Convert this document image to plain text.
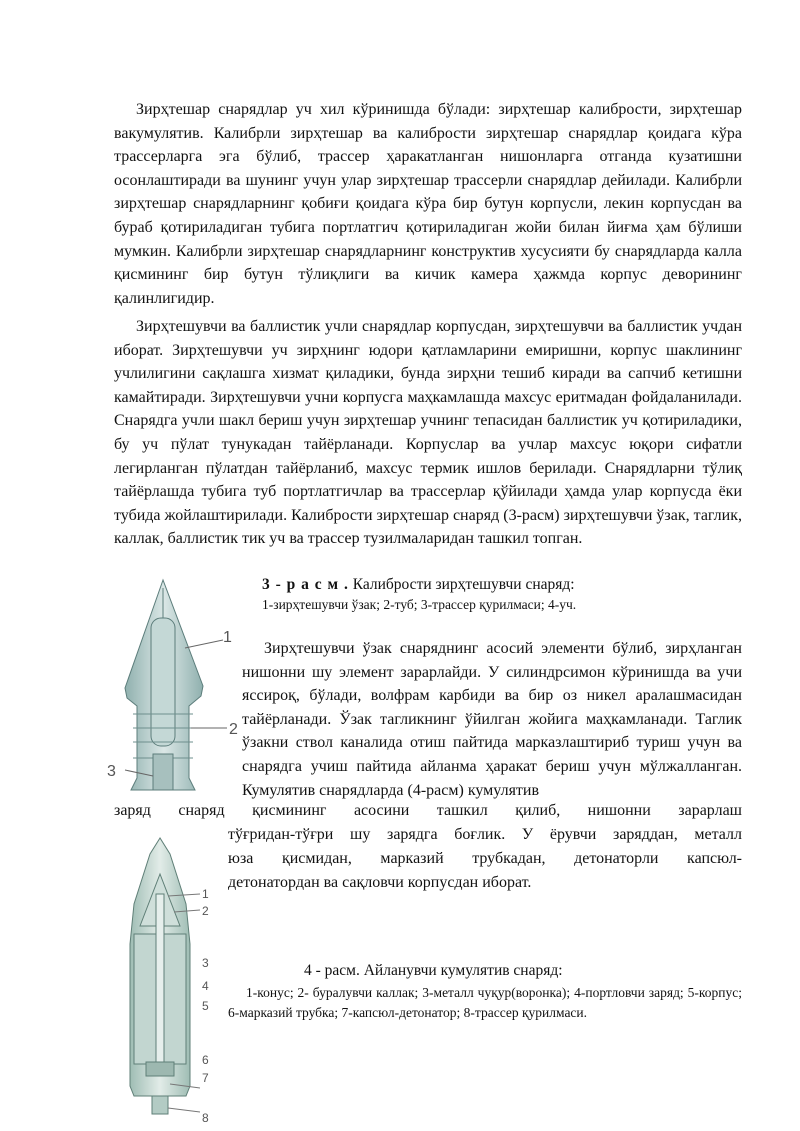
Зирҳтешар снарядлар уч хил кўринишда бўлади: зирҳтешар калибрости, зирҳтешар вакумулятив. Калибрли зирҳтешар ва калибрости зирҳтешар снарядлар қоидага кўра трассерларга эга бўлиб, трассер ҳаракатланган нишонларга отганда кузатишни осонлаштиради ва шунинг учун улар зирҳтешар трассерли снарядлар дейилади. Калибрли зирҳтешар снарядларнинг қобиғи қоидага кўра бир бутун корпусли, лекин корпусдан ва бураб қотириладиган тубига портлатгич қотириладиган жойи билан йиғма ҳам бўлиши мумкин. Калибрли зирҳтешар снарядларнинг конструктив хусусияти бу снарядларда калла қисмининг бир бутун тўлиқлиги ва кичик камера ҳажмда корпус деворининг қалинлигидир.

Зирҳтешувчи ва баллистик учли снарядлар корпусдан, зирҳтешувчи ва баллистик учдан иборат. Зирҳтешувчи уч зирҳнинг юдори қатламларини емиришни, корпус шаклининг учлилигини сақлашга хизмат қиладики, бунда зирҳни тешиб киради ва сапчиб кетишни камайтиради. Зирҳтешувчи учни корпусга маҳкамлашда махсус еритмадан фойдаланилади. Снарядга учли шакл бериш учун зирҳтешар учнинг тепасидан баллистик уч қотириладики, бу уч пўлат тунукадан тайёрланади. Корпуслар ва учлар махсус юқори сифатли легирланган пўлатдан тайёрланиб, махсус термик ишлов берилади. Снарядларни тўлиқ тайёрлашда тубига туб портлатгичлар ва трассерлар қўйилади ҳамда улар корпусда ёки тубида жойлаштирилади. Калибрости зирҳтешар снаряд (3-расм) зирҳтешувчи ўзак, таглик, каллак, баллистик тик уч ва трассер тузилмаларидан ташкил топган.

3 - р а с м . Калибрости зирҳтешувчи снаряд:

1-зирҳтешувчи ўзак; 2-туб; 3-трассер қурилмаси; 4-уч.

1
2
3

Зирҳтешувчи ўзак снаряднинг асосий элементи бўлиб, зирҳланган нишонни шу элемент зарарлайди. У силиндрсимон кўринишда ва учи яссироқ, бўлади, волфрам карбиди ва бир оз никел аралашмасидан тайёрланади. Ўзак тагликнинг ўйилган жойига маҳкамланади. Таглик ўзакни ствол каналида отиш пайтида марказлаштириб туриш учун ва снарядга учиш пайтида айланма ҳаракат бериш учун мўлжалланган. Кумулятив снарядларда (4-расм) кумулятив

заряд снаряд қисмининг асосини ташкил қилиб, нишонни зарарлаш

тўғридан-тўғри шу зарядга боғлик. У ёрувчи заряддан, металл

юза қисмидан, марказий трубкадан, детонаторли капсюл-

детонатордан ва сақловчи корпусдан иборат.

1
2
3
4
5
6
7
8

4 - расм. Айланувчи кумулятив снаряд:

1-конус; 2- буралувчи каллак; 3-металл чуқур(воронка); 4-портловчи заряд; 5-корпус; 6-марказий трубка; 7-капсюл-детонатор; 8-трассер қурилмаси.
